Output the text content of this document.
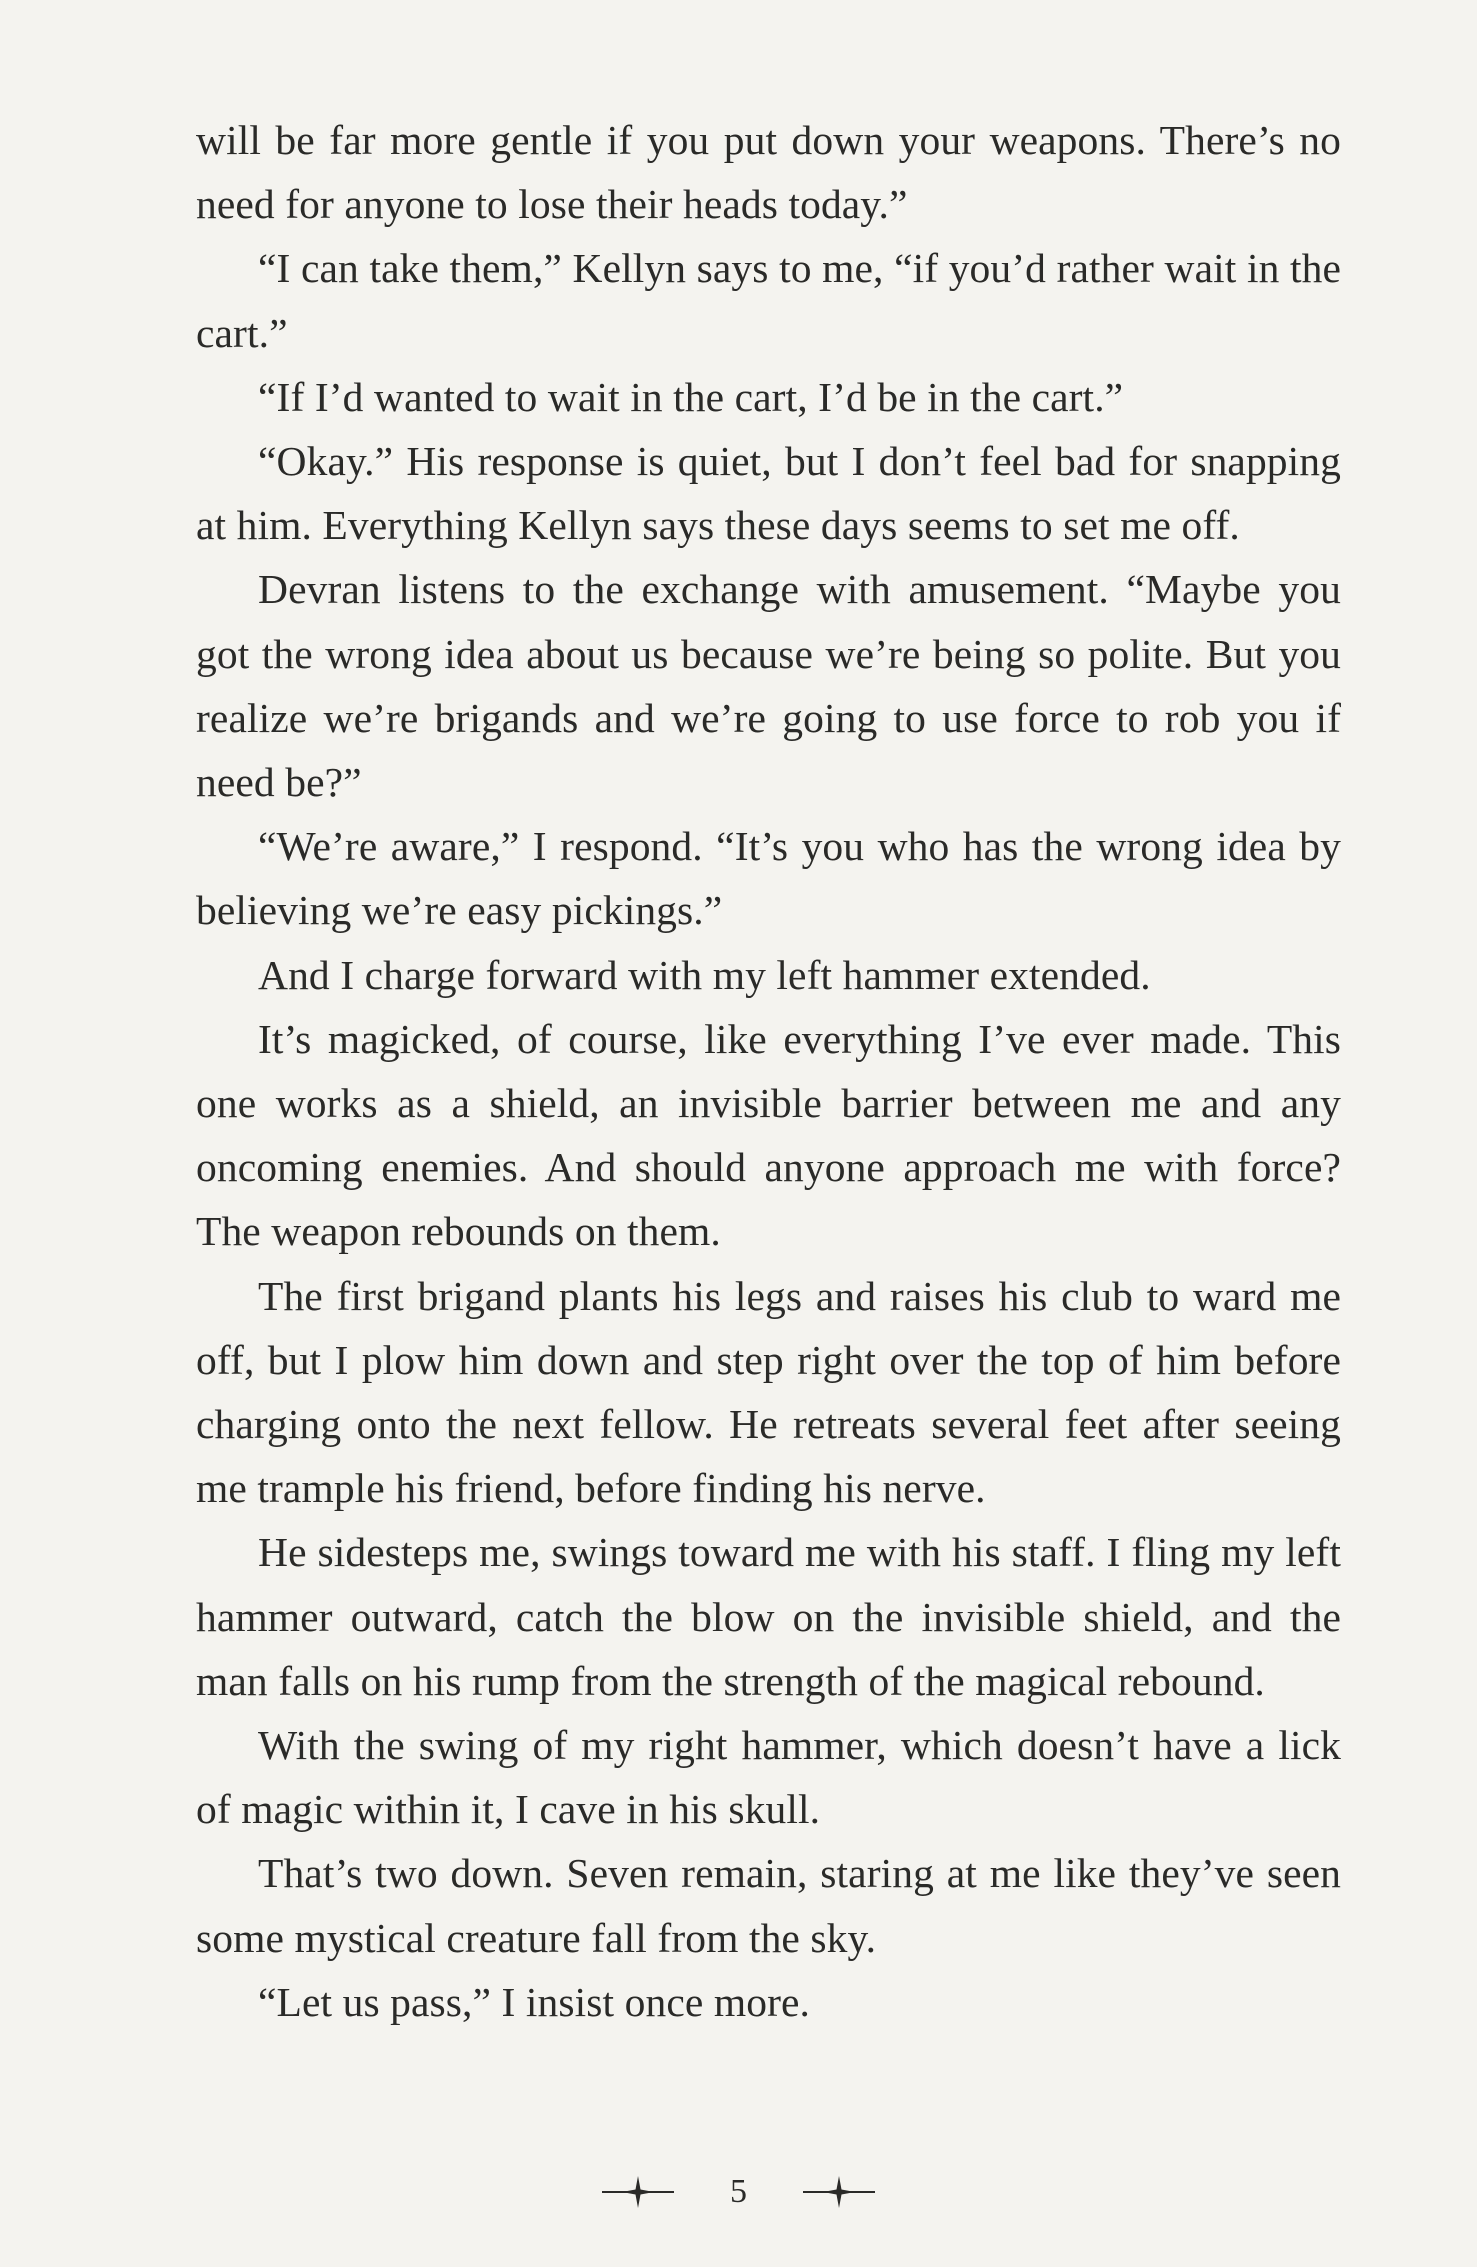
will be far more gentle if you put down your weapons. There’s no need for anyone to lose their heads today.”

“I can take them,” Kellyn says to me, “if you’d rather wait in the cart.”

“If I’d wanted to wait in the cart, I’d be in the cart.”

“Okay.” His response is quiet, but I don’t feel bad for snapping at him. Everything Kellyn says these days seems to set me off.

Devran listens to the exchange with amusement. “Maybe you got the wrong idea about us because we’re being so polite. But you realize we’re brigands and we’re going to use force to rob you if need be?”

“We’re aware,” I respond. “It’s you who has the wrong idea by believing we’re easy pickings.”

And I charge forward with my left hammer extended.

It’s magicked, of course, like everything I’ve ever made. This one works as a shield, an invisible barrier between me and any oncoming enemies. And should anyone approach me with force? The weapon rebounds on them.

The first brigand plants his legs and raises his club to ward me off, but I plow him down and step right over the top of him before charging onto the next fellow. He retreats several feet after seeing me trample his friend, before finding his nerve.

He sidesteps me, swings toward me with his staff. I fling my left hammer outward, catch the blow on the invisible shield, and the man falls on his rump from the strength of the magical rebound.

With the swing of my right hammer, which doesn’t have a lick of magic within it, I cave in his skull.

That’s two down. Seven remain, staring at me like they’ve seen some mystical creature fall from the sky.

“Let us pass,” I insist once more.

5
